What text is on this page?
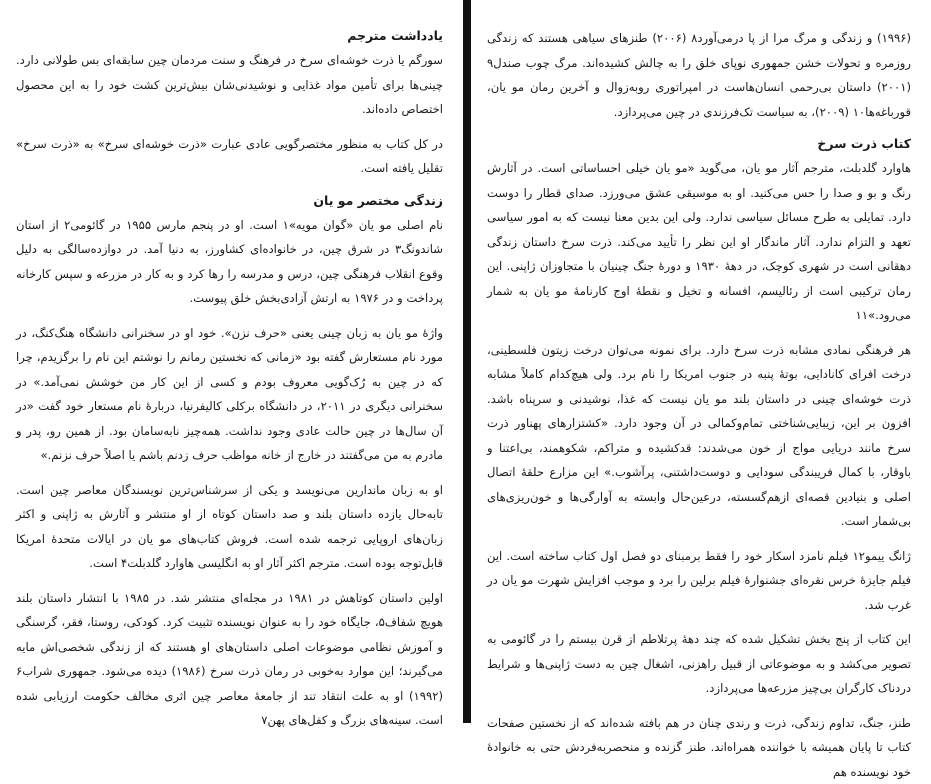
یادداشت مترجم
سورگم یا ذرت خوشه‌ای سرخ در فرهنگ و سنت مردمان چین سابقه‌ای بس طولانی دارد. چینی‌ها برای تأمین مواد غذایی و نوشیدنی‌شان بیش‌ترین کشت خود را به این محصول اختصاص داده‌اند.
در کل کتاب به منظور مختصرگویی عادی عبارت «ذرت خوشه‌ای سرخ» به «ذرت سرخ» تقلیل یافته است.
زندگی مختصر مو یان
نام اصلی مو یان «گوان مویه»۱ است. او در پنجم مارس ۱۹۵۵ در گائومی۲ از استان شاندونگ۳ در شرق چین، در خانواده‌ای کشاورز، به دنیا آمد. در دوازده‌سالگی به دلیل وقوع انقلاب فرهنگی چین، درس و مدرسه را رها کرد و به کار در مزرعه و سپس کارخانه پرداخت و در ۱۹۷۶ به ارتش آزادی‌بخش خلق پیوست.
واژهٔ مو یان به زبان چینی یعنی «حرف نزن». خود او در سخنرانی دانشگاه هنگ‌کنگ، در مورد نام مستعارش گفته بود «زمانی که نخستین رمانم را نوشتم این نام را برگزیدم، چرا که در چین به رُک‌گویی معروف بودم و کسی از این کار من خوشش نمی‌آمد.» در سخنرانی دیگری در ۲۰۱۱، در دانشگاه برکلی کالیفرنیا، دربارهٔ نام مستعار خود گفت «در آن سال‌ها در چین حالت عادی وجود نداشت. همه‌چیز نابه‌سامان بود. از همین رو، پدر و مادرم به من می‌گفتند در خارج از خانه مواظب حرف زدنم باشم یا اصلاً حرف نزنم.»
او به زبان ماندارین می‌نویسد و یکی از سرشناس‌ترین نویسندگان معاصر چین است. تابه‌حال یازده داستان بلند و صد داستان کوتاه از او منتشر و آثارش به ژاپنی و اکثر زبان‌های اروپایی ترجمه شده است. فروش کتاب‌های مو یان در ایالات متحدهٔ امریکا قابل‌توجه بوده است. مترجم اکثر آثار او به انگلیسی هاوارد گلدبلت۴ است.
اولین داستان کوتاهش در ۱۹۸۱ در مجله‌ای منتشر شد. در ۱۹۸۵ با انتشار داستان بلند هویچ شفاف۵، جایگاه خود را به عنوان نویسنده تثبیت کرد. کودکی، روستا، فقر، گرسنگی و آموزش نظامی موضوعات اصلی داستان‌های او هستند که از زندگی شخصی‌اش مایه می‌گیرند؛ این موارد به‌خوبی در رمان ذرت سرخ (۱۹۸۶) دیده می‌شود. جمهوری شراب۶ (۱۹۹۲) او به علت انتقاد تند از جامعهٔ معاصر چین اثری مخالف حکومت ارزیابی شده است. سینه‌های بزرگ و کفل‌های پهن۷
(۱۹۹۶) و زندگی و مرگ مرا از پا درمی‌آورد۸ (۲۰۰۶) طنزهای سیاهی هستند که زندگی روزمره و تحولات خشن جمهوری نوپای خلق را به چالش کشیده‌اند. مرگ چوب صندل۹ (۲۰۰۱) داستان بی‌رحمی انسان‌هاست در امپراتوری روبه‌زوال و آخرین رمان مو یان، قورباغه‌ها۱۰ (۲۰۰۹)، به سیاست تک‌فرزندی در چین می‌پردازد.
کتاب ذرت سرخ
هاوارد گلدبلت، مترجم آثار مو یان، می‌گوید «مو یان خیلی احساساتی است. در آثارش رنگ و بو و صدا را حس می‌کنید. او به موسیقی عشق می‌ورزد. صدای قطار را دوست دارد. تمایلی به طرح مسائل سیاسی ندارد. ولی این بدین معنا نیست که به امور سیاسی تعهد و التزام ندارد. آثار ماندگار او این نظر را تأیید می‌کند. ذرت سرخ داستان زندگی دهقانی است در شهری کوچک، در دههٔ ۱۹۳۰ و دورهٔ جنگ چینیان با متجاوزان ژاپنی. این رمان ترکیبی است از رئالیسم، افسانه و تخیل و نقطهٔ اوج کارنامهٔ مو یان به شمار می‌رود.»۱۱
هر فرهنگی نمادی مشابه ذرت سرخ دارد. برای نمونه می‌توان درخت زیتون فلسطینی، درخت افرای کانادایی، بوتهٔ پنبه در جنوب امریکا را نام برد. ولی هیچ‌کدام کاملاً مشابه ذرت خوشه‌ای چینی در داستان بلند مو یان نیست که غذا، نوشیدنی و سرپناه باشد. افزون بر این، زیبایی‌شناختی تمام‌وکمالی در آن وجود دارد. «کشتزارهای پهناور ذرت سرخ مانند دریایی مواج از خون می‌شدند: قدکشیده و متراکم، شکوهمند، بی‌اعتنا و باوقار، با کمال فریبندگی سودایی و دوست‌داشتنی، پرآشوب.» این مزارع حلقهٔ اتصال اصلی و بنیادین قصه‌ای ازهم‌گسسته، درعین‌حال وابسته به آوارگی‌ها و خون‌ریزی‌های بی‌شمار است.
ژانگ ییمو۱۲ فیلم نامزد اسکار خود را فقط برمبنای دو فصل اول کتاب ساخته است. این فیلم جایزهٔ خرس نقره‌ای جشنوارهٔ فیلم برلین را برد و موجب افزایش شهرت مو یان در غرب شد.
این کتاب از پنج بخش تشکیل شده که چند دههٔ پرتلاطم از قرن بیستم را در گائومی به تصویر می‌کشد و به موضوعاتی از قبیل راهزنی، اشغال چین به دست ژاپنی‌ها و شرایط دردناک کارگران بی‌چیز مزرعه‌ها می‌پردازد.
طنز، جنگ، تداوم زندگی، ذرت و رندی چنان در هم بافته شده‌اند که از نخستین صفحات کتاب تا پایان همیشه با خواننده همراه‌اند. طنز گزنده و منحصربه‌فردش حتی به خانوادهٔ خود نویسنده هم
